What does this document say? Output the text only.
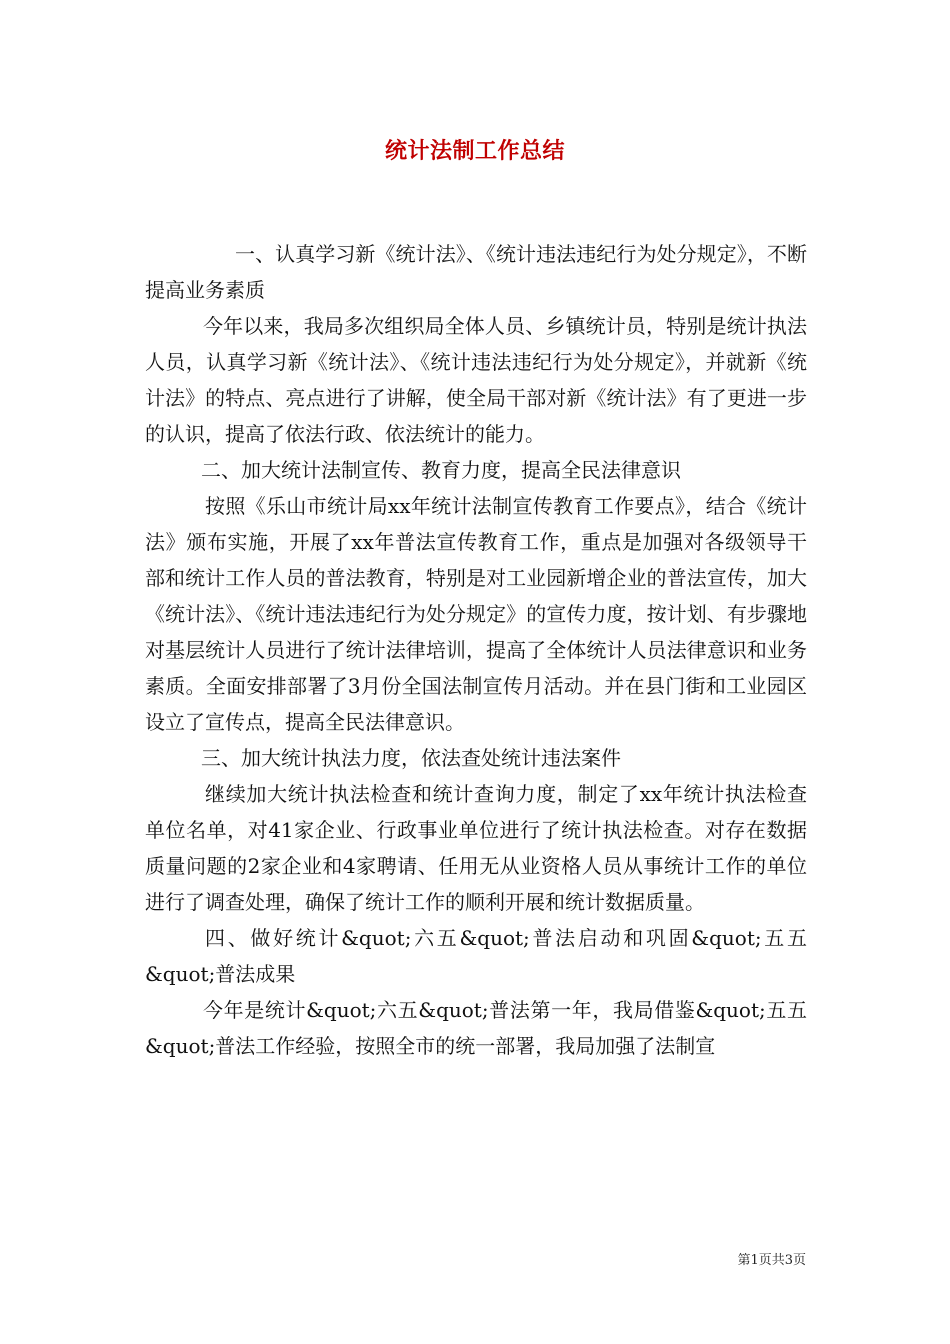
统计法制工作总结

一、认真学习新《统计法》、《统计违法违纪行为处分规定》，不断提高业务素质

今年以来，我局多次组织局全体人员、乡镇统计员，特别是统计执法人员，认真学习新《统计法》、《统计违法违纪行为处分规定》，并就新《统计法》的特点、亮点进行了讲解，使全局干部对新《统计法》有了更进一步的认识，提高了依法行政、依法统计的能力。

二、加大统计法制宣传、教育力度，提高全民法律意识

按照《乐山市统计局xx年统计法制宣传教育工作要点》，结合《统计法》颁布实施，开展了xx年普法宣传教育工作，重点是加强对各级领导干部和统计工作人员的普法教育，特别是对工业园新增企业的普法宣传，加大《统计法》、《统计违法违纪行为处分规定》的宣传力度，按计划、有步骤地对基层统计人员进行了统计法律培训，提高了全体统计人员法律意识和业务素质。全面安排部署了3月份全国法制宣传月活动。并在县门街和工业园区设立了宣传点，提高全民法律意识。

三、加大统计执法力度，依法查处统计违法案件

继续加大统计执法检查和统计查询力度，制定了xx年统计执法检查单位名单，对41家企业、行政事业单位进行了统计执法检查。对存在数据质量问题的2家企业和4家聘请、任用无从业资格人员从事统计工作的单位进行了调查处理，确保了统计工作的顺利开展和统计数据质量。

四、做好统计&quot;六五&quot;普法启动和巩固&quot;五五&quot;普法成果

今年是统计&quot;六五&quot;普法第一年，我局借鉴&quot;五五&quot;普法工作经验，按照全市的统一部署，我局加强了法制宣

第1页共3页
